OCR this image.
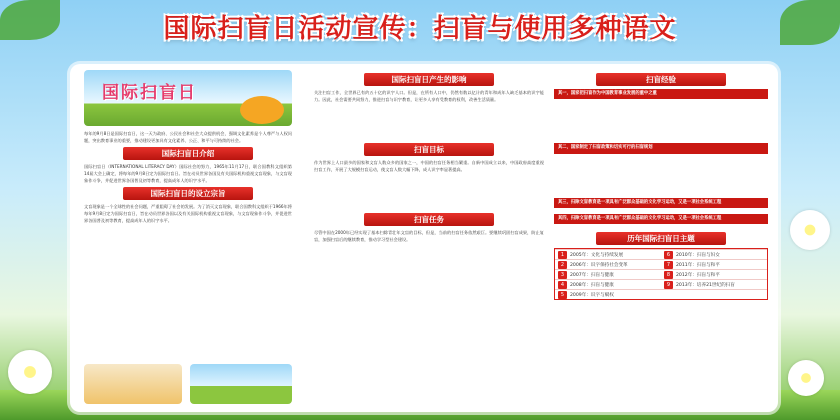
国际扫盲日活动宣传：扫盲与使用多种语文
国际扫盲日
每年的9月8日是国际扫盲日，这一天为政府、公民社会和社会大众提供机会，强调文化素养是个人尊严与人权问题，突出教育事业的重要，推动建设更加具有文化素养、公正、和平与可持续的社会。
国际扫盲日介绍
国际扫盲日（INTERNATIONAL LITERACY DAY）国际社会的努力，1965年11月17日，联合国教科文组织第14届大会上确定，将每年的9月8日定为国际扫盲日。旨在动员世界各国及有关国际机构重视文盲现象，与文盲现象作斗争，并促进世界各国普及初等教育，提高成年人的识字水平。
国际扫盲日的设立宗旨
文盲现象是一个全球性的社会问题，严重阻碍了社会的发展。为了消灭文盲现象，联合国教科文组织于1966年将每年9月8日定为国际扫盲日，旨在动员世界各国以及有关国际机构重视文盲现象，与文盲现象作斗争，并促进世界各国普及初等教育，提高成年人的识字水平。
国际扫盲日产生的影响
关注扫盲工作，全世界已有约五十亿的识字人口。但是，在所有人口中，仍然有数以亿计的青年和成年人缺乏基本的识字能力。因此，社会需要共同努力，推进扫盲与识字教育，让更多人享有受教育的权利，改善生活质量。
扫盲目标
作为世界上人口最多的国家和文盲人数众多的国家之一，中国的扫盲任务相当繁重。自新中国成立以来，中国政府高度重视扫盲工作，开展了大规模扫盲运动，使文盲人数大幅下降，成人识字率显著提高。
扫盲任务
尽管中国在2000年已经实现了基本扫除青壮年文盲的目标，但是，当前的扫盲任务依然艰巨。要继续巩固扫盲成果，防止复盲，加强扫盲后的继续教育，推动学习型社会建设。
扫盲经验
其一，国家把扫盲作为中国教育事业发展的重中之重
其二，国家制定了扫盲政策和切实可行的扫盲规划
其三，扫除文盲教育是一项具有广泛群众基础的文化学习运动，又是一项社会系统工程
其四，扫除文盲教育是一项具有广泛群众基础的文化学习运动，又是一项社会系统工程
历年国际扫盲日主题
1	2005年：文化与持续发展	6	2010年：扫盲与妇女
2	2006年：识字保持社会变革	7	2011年：扫盲与和平
3	2007年：扫盲与健康	8	2012年：扫盲与和平
4	2008年：扫盲与健康	9	2013年：培养21世纪的扫盲
5	2009年：识字与赋权
